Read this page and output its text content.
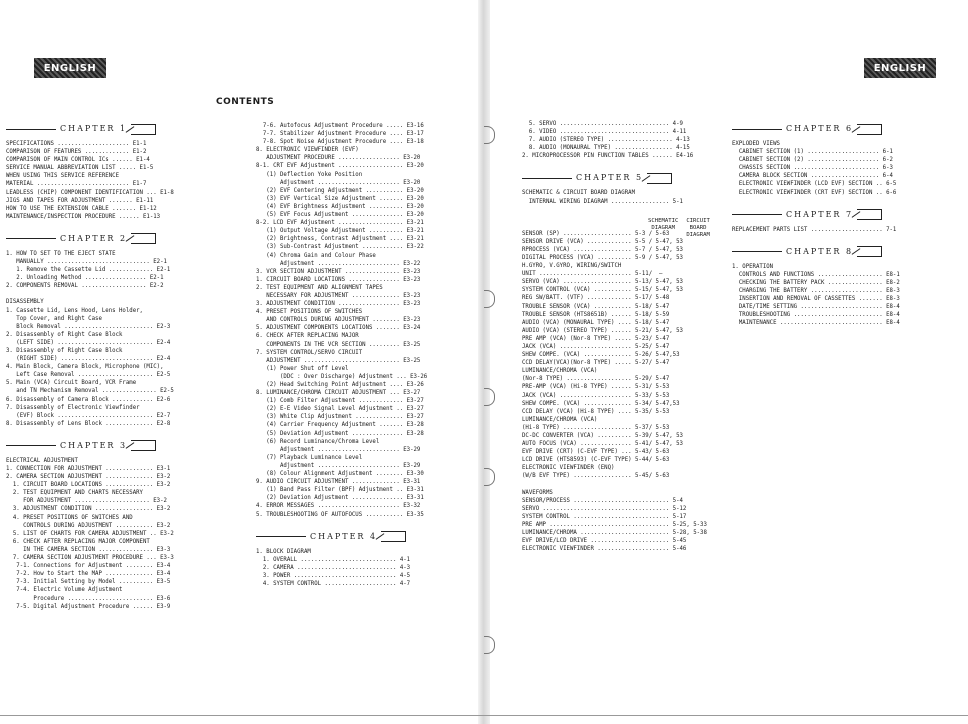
ENGLISH
CONTENTS
CHAPTER 1
SPECIFICATIONS ..................... E1-1
COMPARISON OF FEATURES ............. E1-2
COMPARISON OF MAIN CONTROL ICs ...... E1-4
SERVICE MANUAL ABBREVIATION LIST ..... E1-5
WHEN USING THIS SERVICE REFERENCE
MATERIAL ........................... E1-7
LEADLESS (CHIP) COMPONENT IDENTIFICATION ... E1-8
JIGS AND TAPES FOR ADJUSTMENT ....... E1-11
HOW TO USE THE EXTENSION CABLE ....... E1-12
MAINTENANCE/INSPECTION PROCEDURE ...... E1-13
CHAPTER 2
1. HOW TO SET TO THE EJECT STATE
MANUALLY .............................. E2-1
1. Remove the Cassette Lid ............. E2-1
2. Unloading Method .................. E2-1
2. COMPONENTS REMOVAL ................... E2-2
DISASSEMBLY
1. Cassette Lid, Lens Hood, Lens Holder,
Top Cover, and Right Case
Block Removal .......................... E2-3
2. Disassembly of Right Case Block
(LEFT SIDE) ............................ E2-4
3. Disassembly of Right Case Block
(RIGHT SIDE) ........................... E2-4
4. Main Block, Camera Block, Microphone (MIC),
Left Case Removal ...................... E2-5
5. Main (VCA) Circuit Board, VCR Frame
and TN Mechanism Removal ................ E2-5
6. Disassembly of Camera Block ............ E2-6
7. Disassembly of Electronic Viewfinder
(EVF) Block ............................ E2-7
8. Disassembly of Lens Block .............. E2-8
CHAPTER 3
ELECTRICAL ADJUSTMENT
1. CONNECTION FOR ADJUSTMENT .............. E3-1
2. CAMERA SECTION ADJUSTMENT .............. E3-2
1. CIRCUIT BOARD LOCATIONS .............. E3-2
2. TEST EQUIPMENT AND CHARTS NECESSARY
FOR ADJUSTMENT ...................... E3-2
3. ADJUSTMENT CONDITION ................. E3-2
4. PRESET POSITIONS OF SWITCHES AND
CONTROLS DURING ADJUSTMENT ........... E3-2
5. LIST OF CHARTS FOR CAMERA ADJUSTMENT .. E3-2
6. CHECK AFTER REPLACING MAJOR COMPONENT
IN THE CAMERA SECTION ................ E3-3
7. CAMERA SECTION ADJUSTMENT PROCEDURE ... E3-3
7-1. Connections for Adjustment ........ E3-4
7-2. How to Start the MAP .............. E3-4
7-3. Initial Setting by Model .......... E3-5
7-4. Electric Volume Adjustment
Procedure ......................... E3-6
7-5. Digital Adjustment Procedure ...... E3-9
7-6. Autofocus Adjustment Procedure ..... E3-16
7-7. Stabilizer Adjustment Procedure .... E3-17
7-8. Spot Noise Adjustment Procedure .... E3-18
8. ELECTRONIC VIEWFINDER (EVF)
ADJUSTMENT PROCEDURE .................. E3-20
8-1. CRT EVF Adjustment ................... E3-20
(1) Deflection Yoke Position
Adjustment ........................ E3-20
(2) EVF Centering Adjustment ........... E3-20
(3) EVF Vertical Size Adjustment ....... E3-20
(4) EVF Brightness Adjustment .......... E3-20
(5) EVF Focus Adjustment ............... E3-20
8-2. LCD EVF Adjustment ................... E3-21
(1) Output Voltage Adjustment .......... E3-21
(2) Brightness, Contrast Adjustment .... E3-21
(3) Sub-Contrast Adjustment ............ E3-22
(4) Chroma Gain and Colour Phase
Adjustment ........................ E3-22
3. VCR SECTION ADJUSTMENT ................ E3-23
1. CIRCUIT BOARD LOCATIONS ............... E3-23
2. TEST EQUIPMENT AND ALIGNMENT TAPES
NECESSARY FOR ADJUSTMENT .............. E3-23
3. ADJUSTMENT CONDITION .................. E3-23
4. PRESET POSITIONS OF SWITCHES
AND CONTROLS DURING ADJUSTMENT ........ E3-23
5. ADJUSTMENT COMPONENTS LOCATIONS ....... E3-24
6. CHECK AFTER REPLACING MAJOR
COMPONENTS IN THE VCR SECTION ......... E3-25
7. SYSTEM CONTROL/SERVO CIRCUIT
ADJUSTMENT ............................ E3-25
(1) Power Shut off Level
(DDC : Over Discharge) Adjustment ... E3-26
(2) Head Switching Point Adjustment .... E3-26
8. LUMINANCE/CHROMA CIRCUIT ADJUSTMENT ... E3-27
(1) Comb Filter Adjustment ............. E3-27
(2) E-E Video Signal Level Adjustment .. E3-27
(3) White Clip Adjustment .............. E3-27
(4) Carrier Frequency Adjustment ....... E3-28
(5) Deviation Adjustment ............... E3-28
(6) Record Luminance/Chroma Level
Adjustment ........................ E3-29
(7) Playback Luminance Level
Adjustment ........................ E3-29
(8) Colour Alignment Adjustment ........ E3-30
9. AUDIO CIRCUIT ADJUSTMENT .............. E3-31
(1) Band Pass Filter (BPF) Adjustment .. E3-31
(2) Deviation Adjustment ............... E3-31
4. ERROR MESSAGES ........................ E3-32
5. TROUBLESHOOTING OF AUTOFOCUS ........... E3-35
CHAPTER 4
1. BLOCK DIAGRAM
1. OVERALL ............................ 4-1
2. CAMERA ............................. 4-3
3. POWER .............................. 4-5
4. SYSTEM CONTROL ..................... 4-7
ENGLISH
5. SERVO ................................ 4-9
6. VIDEO ................................ 4-11
7. AUDIO (STEREO TYPE) ................... 4-13
8. AUDIO (MONAURAL TYPE) ................. 4-15
2. MICROPROCESSOR PIN FUNCTION TABLES ...... E4-16
CHAPTER 5
SCHEMATIC & CIRCUIT BOARD DIAGRAM
INTERNAL WIRING DIAGRAM ................. 5-1
SENSOR (SP) .................... 5-3 / 5-63
SENSOR DRIVE (VCA) ............. 5-5 / 5-47, 53
RPROCESS (VCA) ................. 5-7 / 5-47, 53
DIGITAL PROCESS (VCA) .......... 5-9 / 5-47, 53
H.GYRO, V.GYRO, WIRING/SWITCH
UNIT ........................... 5-11/  —
SERVO (VCA) .................... 5-13/ 5-47, 53
SYSTEM CONTROL (VCA) ........... 5-15/ 5-47, 53
REG SW/BATT. (VTF) ............. 5-17/ 5-48
TROUBLE SENSOR (VCA) ........... 5-18/ 5-47
TROUBLE SENSOR (HTS8651B) ...... 5-18/ 5-59
AUDIO (VCA) (MONAURAL TYPE) .... 5-18/ 5-47
AUDIO (VCA) (STEREO TYPE) ...... 5-21/ 5-47, 53
PRE AMP (VCA) (Nor-8 TYPE) ..... 5-23/ 5-47
JACK (VCA) ..................... 5-25/ 5-47
SHEW COMPE. (VCA) .............. 5-26/ 5-47,53
CCD DELAY(VCA)(Nor-8 TYPE) ..... 5-27/ 5-47
LUMINANCE/CHROMA (VCA)
(Nor-8 TYPE) ................... 5-29/ 5-47
PRE-AMP (VCA) (Hi-8 TYPE) ...... 5-31/ 5-53
JACK (VCA) ..................... 5-33/ 5-53
SHEW COMPE. (VCA) .............. 5-34/ 5-47,53
CCD DELAY (VCA) (Hi-8 TYPE) .... 5-35/ 5-53
LUMINANCE/CHROMA (VCA)
(Hi-8 TYPE) .................... 5-37/ 5-53
DC-DC CONVERTER (VCA) .......... 5-39/ 5-47, 53
AUTO FOCUS (VCA) ............... 5-41/ 5-47, 53
EVF DRIVE (CRT) (C-EVF TYPE) ... 5-43/ 5-63
LCD DRIVE (HTS8593) (C-EVF TYPE) 5-44/ 5-63
ELECTRONIC VIEWFINDER (ENQ)
(W/B EVF TYPE) ................. 5-45/ 5-63
WAVEFORMS
SENSOR/PROCESS ............................ 5-4
SERVO ..................................... 5-12
SYSTEM CONTROL ............................ 5-17
PRE AMP ................................... 5-25, 5-33
LUMINANCE/CHROMA .......................... 5-28, 5-38
EVF DRIVE/LCD DRIVE ....................... 5-45
ELECTRONIC VIEWFINDER ..................... 5-46
SCHEMATIC
DIAGRAM
CIRCUIT
BOARD
DIAGRAM
CHAPTER 6
EXPLODED VIEWS
CABINET SECTION (1) ..................... 6-1
CABINET SECTION (2) ..................... 6-2
CHASSIS SECTION ......................... 6-3
CAMERA BLOCK SECTION .................... 6-4
ELECTRONIC VIEWFINDER (LCD EVF) SECTION .. 6-5
ELECTRONIC VIEWFINDER (CRT EVF) SECTION .. 6-6
CHAPTER 7
REPLACEMENT PARTS LIST ..................... 7-1
CHAPTER 8
1. OPERATION
CONTROLS AND FUNCTIONS ................... E8-1
CHECKING THE BATTERY PACK ................ E8-2
CHARGING THE BATTERY ..................... E8-3
INSERTION AND REMOVAL OF CASSETTES ....... E8-3
DATE/TIME SETTING ........................ E8-4
TROUBLESHOOTING .......................... E8-4
MAINTENANCE .............................. E8-4
